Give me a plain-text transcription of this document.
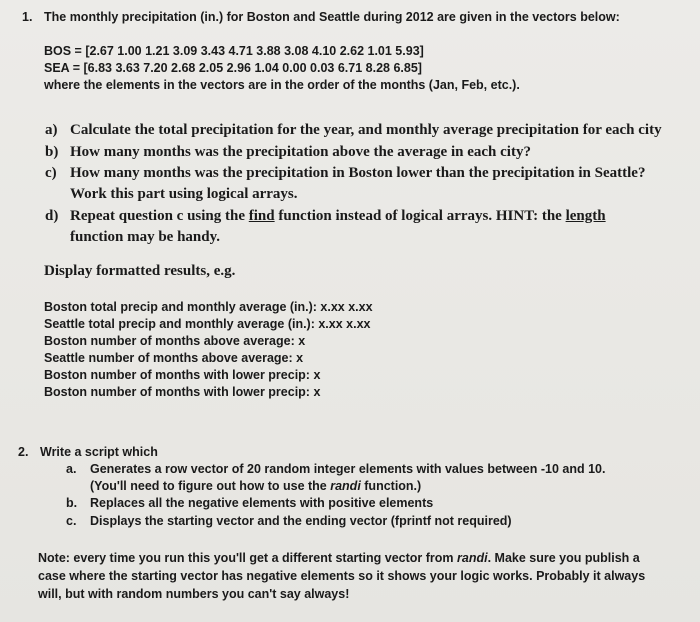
1. The monthly precipitation (in.) for Boston and Seattle during 2012 are given in the vectors below:
BOS = [2.67 1.00 1.21 3.09 3.43 4.71 3.88 3.08 4.10 2.62 1.01 5.93]
SEA = [6.83 3.63 7.20 2.68 2.05 2.96 1.04 0.00 0.03 6.71 8.28 6.85]
where the elements in the vectors are in the order of the months (Jan, Feb, etc.).
a) Calculate the total precipitation for the year, and monthly average precipitation for each city
b) How many months was the precipitation above the average in each city?
c) How many months was the precipitation in Boston lower than the precipitation in Seattle?
Work this part using logical arrays.
d) Repeat question c using the find function instead of logical arrays. HINT: the length
function may be handy.
Display formatted results, e.g.
Boston total precip and monthly average (in.): x.xx x.xx
Seattle total precip and monthly average (in.): x.xx x.xx
Boston number of months above average: x
Seattle number of months above average: x
Boston number of months with lower precip: x
Boston number of months with lower precip: x
2. Write a script which
a. Generates a row vector of 20 random integer elements with values between -10 and 10.
(You'll need to figure out how to use the randi function.)
b. Replaces all the negative elements with positive elements
c. Displays the starting vector and the ending vector (fprintf not required)
Note: every time you run this you'll get a different starting vector from randi. Make sure you publish a
case where the starting vector has negative elements so it shows your logic works. Probably it always
will, but with random numbers you can't say always!
